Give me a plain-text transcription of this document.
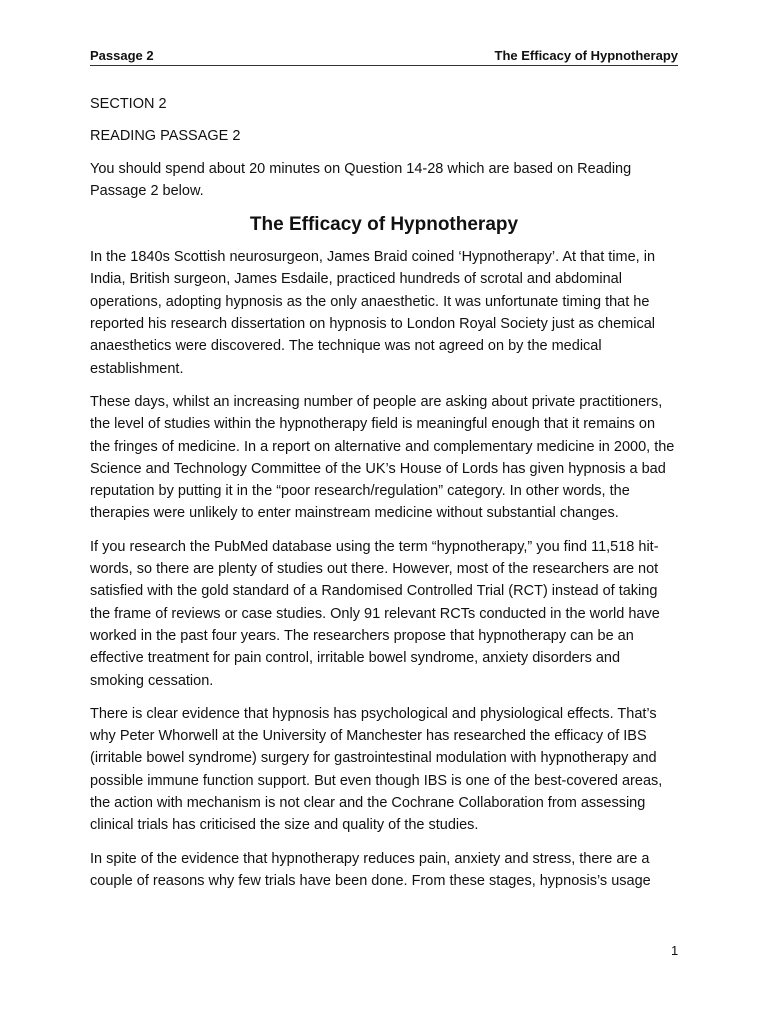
Passage 2	The Efficacy of Hypnotherapy

SECTION 2

READING PASSAGE 2

You should spend about 20 minutes on Question 14-28 which are based on Reading Passage 2 below.

The Efficacy of Hypnotherapy

In the 1840s Scottish neurosurgeon, James Braid coined ‘Hypnotherapy’. At that time, in India, British surgeon, James Esdaile, practiced hundreds of scrotal and abdominal operations, adopting hypnosis as the only anaesthetic. It was unfortunate timing that he reported his research dissertation on hypnosis to London Royal Society just as chemical anaesthetics were discovered. The technique was not agreed on by the medical establishment.

These days, whilst an increasing number of people are asking about private practitioners, the level of studies within the hypnotherapy field is meaningful enough that it remains on the fringes of medicine. In a report on alternative and complementary medicine in 2000, the Science and Technology Committee of the UK’s House of Lords has given hypnosis a bad reputation by putting it in the “poor research/regulation” category. In other words, the therapies were unlikely to enter mainstream medicine without substantial changes.

If you research the PubMed database using the term “hypnotherapy,” you find 11,518 hit-words, so there are plenty of studies out there. However, most of the researchers are not satisfied with the gold standard of a Randomised Controlled Trial (RCT) instead of taking the frame of reviews or case studies. Only 91 relevant RCTs conducted in the world have worked in the past four years. The researchers propose that hypnotherapy can be an effective treatment for pain control, irritable bowel syndrome, anxiety disorders and smoking cessation.

There is clear evidence that hypnosis has psychological and physiological effects. That’s why Peter Whorwell at the University of Manchester has researched the efficacy of IBS (irritable bowel syndrome) surgery for gastrointestinal modulation with hypnotherapy and possible immune function support. But even though IBS is one of the best-covered areas, the action with mechanism is not clear and the Cochrane Collaboration from assessing clinical trials has criticised the size and quality of the studies.

In spite of the evidence that hypnotherapy reduces pain, anxiety and stress, there are a couple of reasons why few trials have been done. From these stages, hypnosis’s usage

1
